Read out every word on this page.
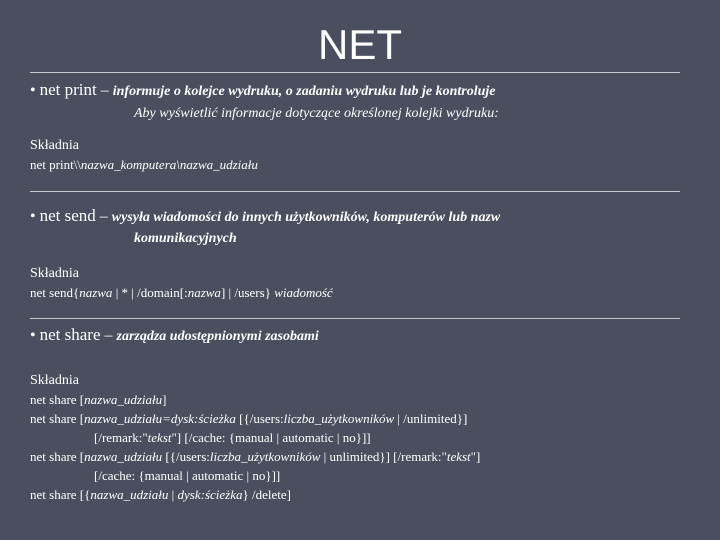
NET
• net print – informuje o kolejce wydruku, o zadaniu wydruku lub je kontroluje
Aby wyświetlić informacje dotyczące określonej kolejki wydruku:
Składnia
net print\\nazwa_komputera\nazwa_udziału
• net send – wysyła wiadomości do innych użytkowników, komputerów lub nazw
komunikacyjnych
Składnia
net send{nazwa | * | /domain[:nazwa] | /users} wiadomość
• net share – zarządza udostępnionymi zasobami
Składnia
net share [nazwa_udziału]
net share [nazwa_udziału=dysk:ścieżka [{/users:liczba_użytkowników | /unlimited}]
[/remark:"tekst"] [/cache: {manual | automatic | no}]]
net share [nazwa_udziału [{/users:liczba_użytkowników | unlimited}] [/remark:"tekst"]
[/cache: {manual | automatic | no}]]
net share [{nazwa_udziału | dysk:ścieżka} /delete]
